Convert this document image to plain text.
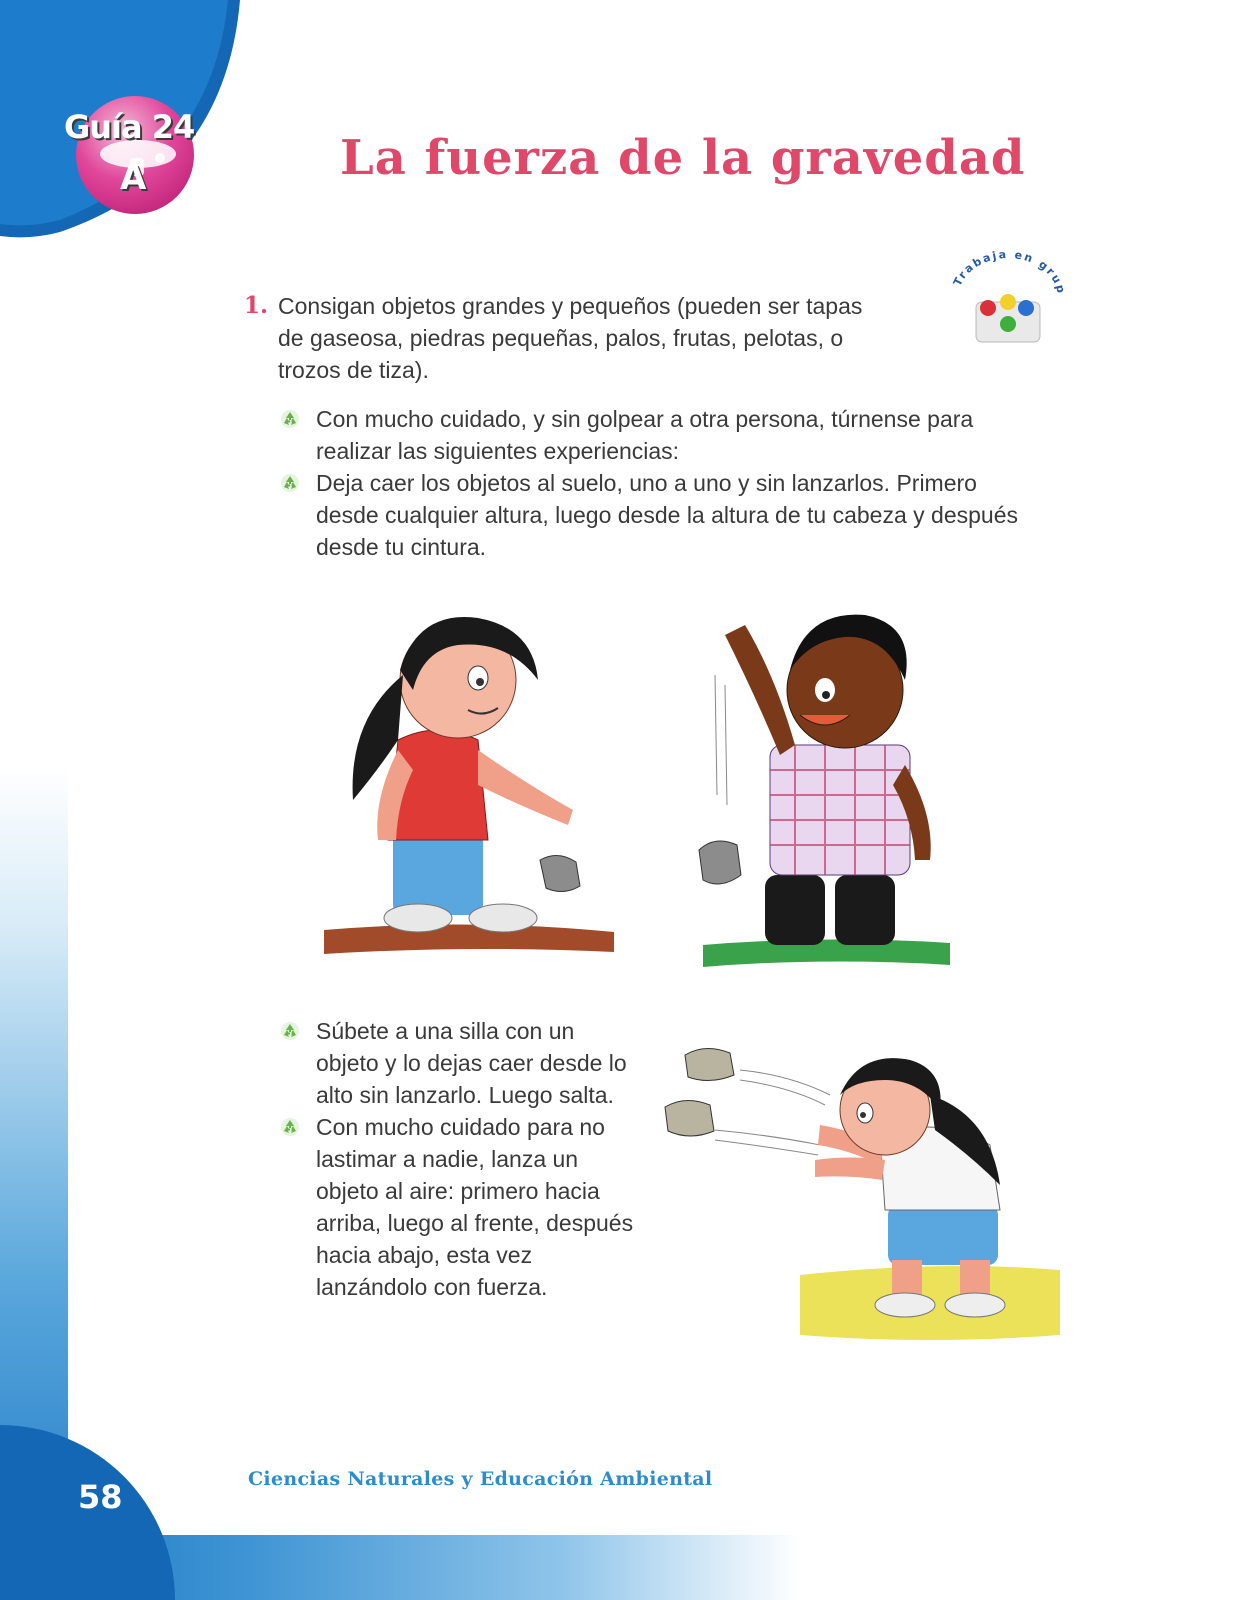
58	Ciencias Naturales y Educación Ambiental
Guía 24
A	La fuerza de la gravedad
Trabaja en grup
1. Consigan objetos grandes y pequeños (pueden ser tapas de gaseosa, piedras pequeñas, palos, frutas, pelotas, o trozos de tiza).
Con mucho cuidado, y sin golpear a otra persona, túrnense para realizar las siguientes experiencias:
Deja caer los objetos al suelo, uno a uno y sin lanzarlos. Primero desde cualquier altura, luego desde la altura de tu cabeza y después desde tu cintura.
Súbete a una silla con un objeto y lo dejas caer desde lo alto sin lanzarlo. Luego salta.
Con mucho cuidado para no lastimar a nadie, lanza un objeto al aire: primero hacia arriba, luego al frente, después hacia abajo, esta vez lanzándolo con fuerza.
